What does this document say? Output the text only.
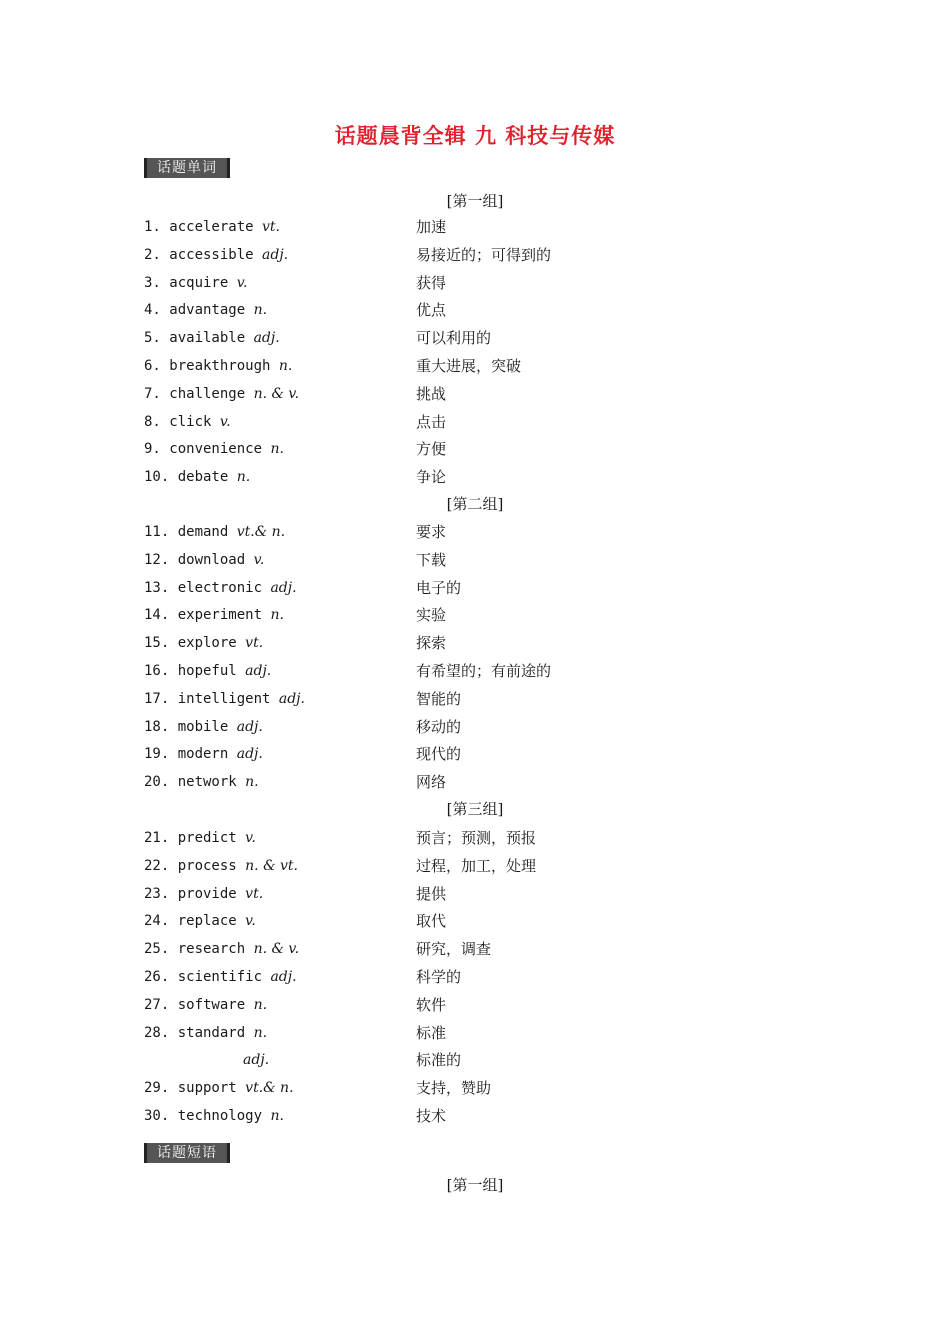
话题晨背全辑 九 科技与传媒
话题单词
[第一组]
1. accelerate vt.	加速
2. accessible adj.	易接近的；可得到的
3. acquire v.	获得
4. advantage n.	优点
5. available adj.	可以利用的
6. breakthrough n.	重大进展，突破
7. challenge n. & v.	挑战
8. click v.	点击
9. convenience n.	方便
10. debate n.	争论
[第二组]
11. demand vt.& n.	要求
12. download v.	下载
13. electronic adj.	电子的
14. experiment n.	实验
15. explore vt.	探索
16. hopeful adj.	有希望的；有前途的
17. intelligent adj.	智能的
18. mobile adj.	移动的
19. modern adj.	现代的
20. network n.	网络
[第三组]
21. predict v.	预言；预测，预报
22. process n. & vt.	过程，加工，处理
23. provide vt.	提供
24. replace v.	取代
25. research n. & v.	研究，调查
26. scientific adj.	科学的
27. software n.	软件
28. standard n.	标准
adj.	标准的
29. support vt.& n.	支持，赞助
30. technology n.	技术
话题短语
[第一组]
